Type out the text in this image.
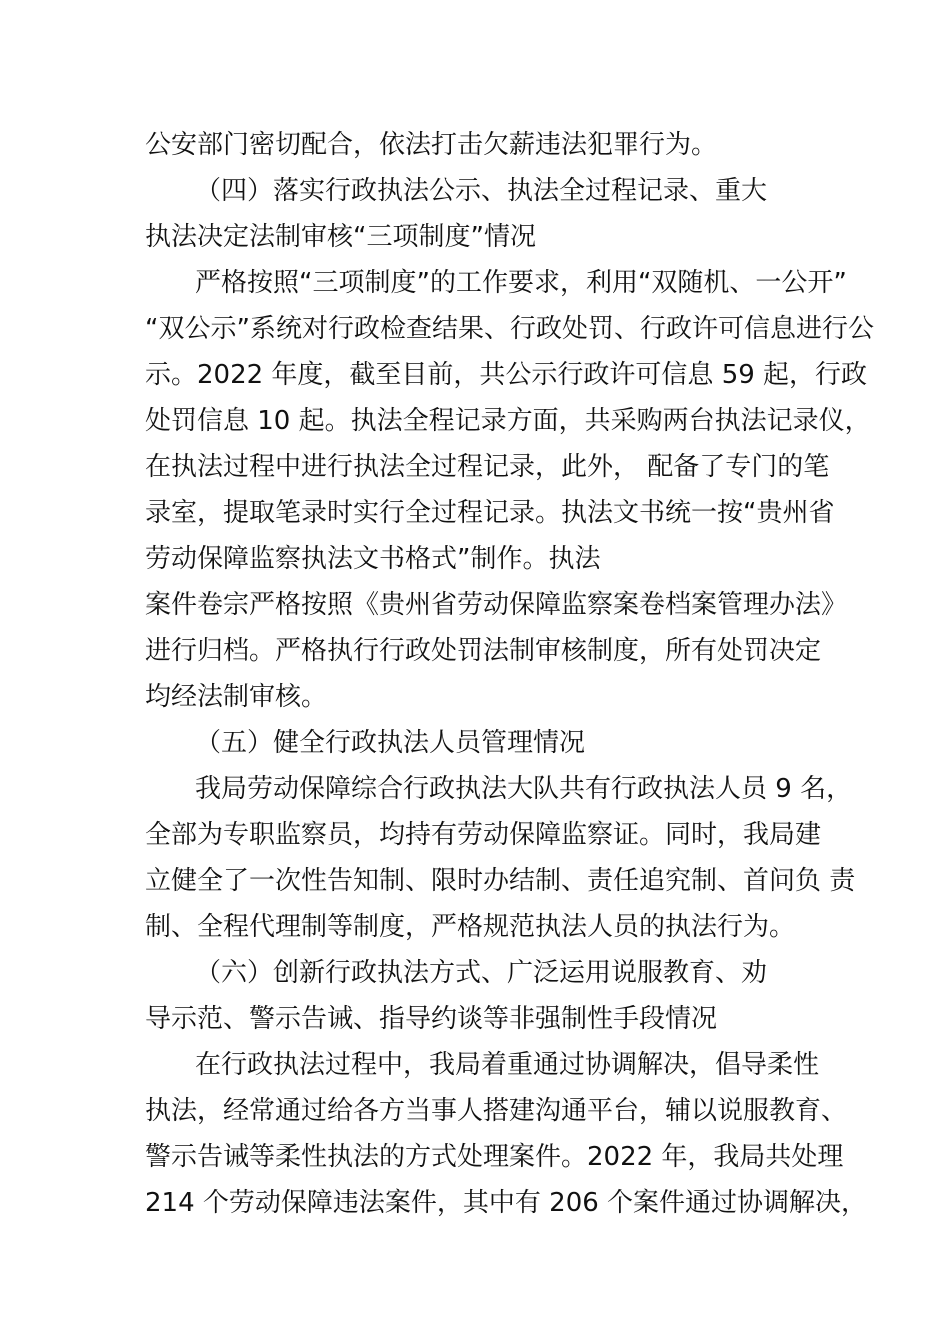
公安部门密切配合，依法打击欠薪违法犯罪行为。
（四）落实行政执法公示、执法全过程记录、重大
执法决定法制审核“三项制度”情况
严格按照“三项制度”的工作要求，利用“双随机、一公开”
“双公示”系统对行政检查结果、行政处罚、行政许可信息进行公
示。2022 年度，截至目前，共公示行政许可信息 59 起，行政
处罚信息 10 起。执法全程记录方面，共采购两台执法记录仪，
在执法过程中进行执法全过程记录，此外， 配备了专门的笔
录室，提取笔录时实行全过程记录。执法文书统一按“贵州省
劳动保障监察执法文书格式”制作。执法
案件卷宗严格按照《贵州省劳动保障监察案卷档案管理办法》
进行归档。严格执行行政处罚法制审核制度，所有处罚决定
均经法制审核。
（五）健全行政执法人员管理情况
我局劳动保障综合行政执法大队共有行政执法人员 9 名，
全部为专职监察员，均持有劳动保障监察证。同时，我局建
立健全了一次性告知制、限时办结制、责任追究制、首问负 责
制、全程代理制等制度，严格规范执法人员的执法行为。
（六）创新行政执法方式、广泛运用说服教育、劝
导示范、警示告诫、指导约谈等非强制性手段情况
在行政执法过程中，我局着重通过协调解决，倡导柔性
执法，经常通过给各方当事人搭建沟通平台，辅以说服教育、
警示告诫等柔性执法的方式处理案件。2022 年，我局共处理
214 个劳动保障违法案件，其中有 206 个案件通过协调解决，
